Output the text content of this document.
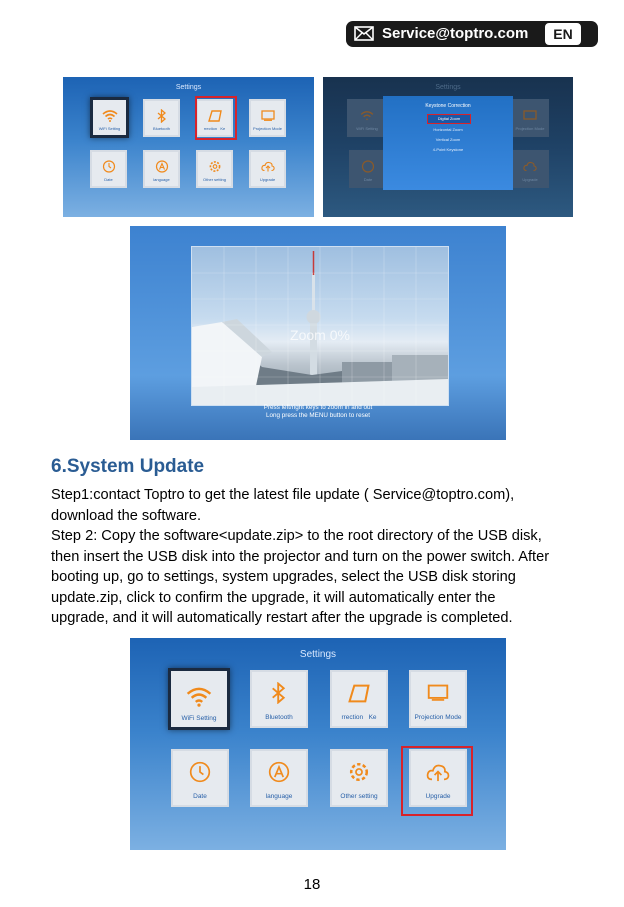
Service@toptro.com	EN
Settings
WiFi Setting	Bluetooth	rrection Ke	Projection Mode
Date	language	Other setting	Upgrade
Settings
WiFi Setting	Projection Mode
Date	Upgrade
Keystone Correction
Digital Zoom
Horizontal Zoom
Vertical Zoom
4-Point Keystone
Zoom 0%
Press left/right keys to zoom in and out
Long press the MENU button to reset
6.System Update
Step1:contact Toptro to get the latest file update ( Service@toptro.com),
download the software.
Step 2: Copy the software<update.zip> to the root directory of the USB disk,
then insert the USB disk into the projector and turn on the power switch. After
booting up, go to settings, system upgrades, select the USB disk storing
update.zip, click to confirm the upgrade, it will automatically enter the
upgrade, and it will automatically restart after the upgrade is completed.
Settings
WiFi Setting	Bluetooth	rrection Ke	Projection Mode
Date	language	Other setting	Upgrade
18
